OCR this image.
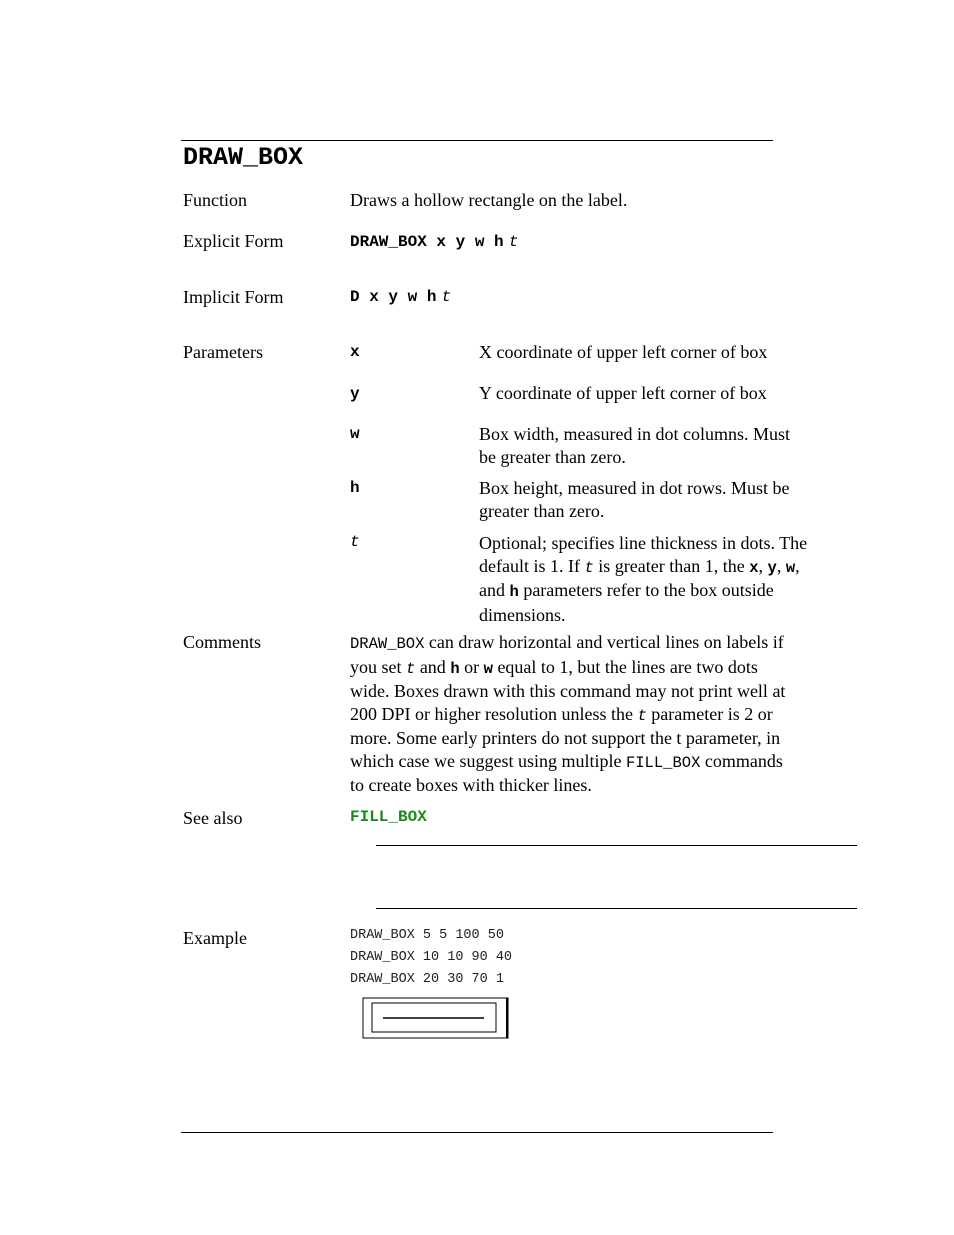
DRAW_BOX
Function	Draws a hollow rectangle on the label.
Explicit Form	DRAW_BOX x y w h t
Implicit Form	D x y w h t
Parameters	x	X coordinate of upper left corner of box
y	Y coordinate of upper left corner of box
w	Box width, measured in dot columns. Must
be greater than zero.
h	Box height, measured in dot rows. Must be
greater than zero.
t	Optional; specifies line thickness in dots. The
default is 1. If t is greater than 1, the x, y, w,
and h parameters refer to the box outside
dimensions.
Comments	DRAW_BOX can draw horizontal and vertical lines on labels if
you set t and h or w equal to 1, but the lines are two dots
wide. Boxes drawn with this command may not print well at
200 DPI or higher resolution unless the t parameter is 2 or
more. Some early printers do not support the t parameter, in
which case we suggest using multiple FILL_BOX commands
to create boxes with thicker lines.
See also	FILL_BOX
Example	DRAW_BOX 5 5 100 50
DRAW_BOX 10 10 90 40
DRAW_BOX 20 30 70 1
